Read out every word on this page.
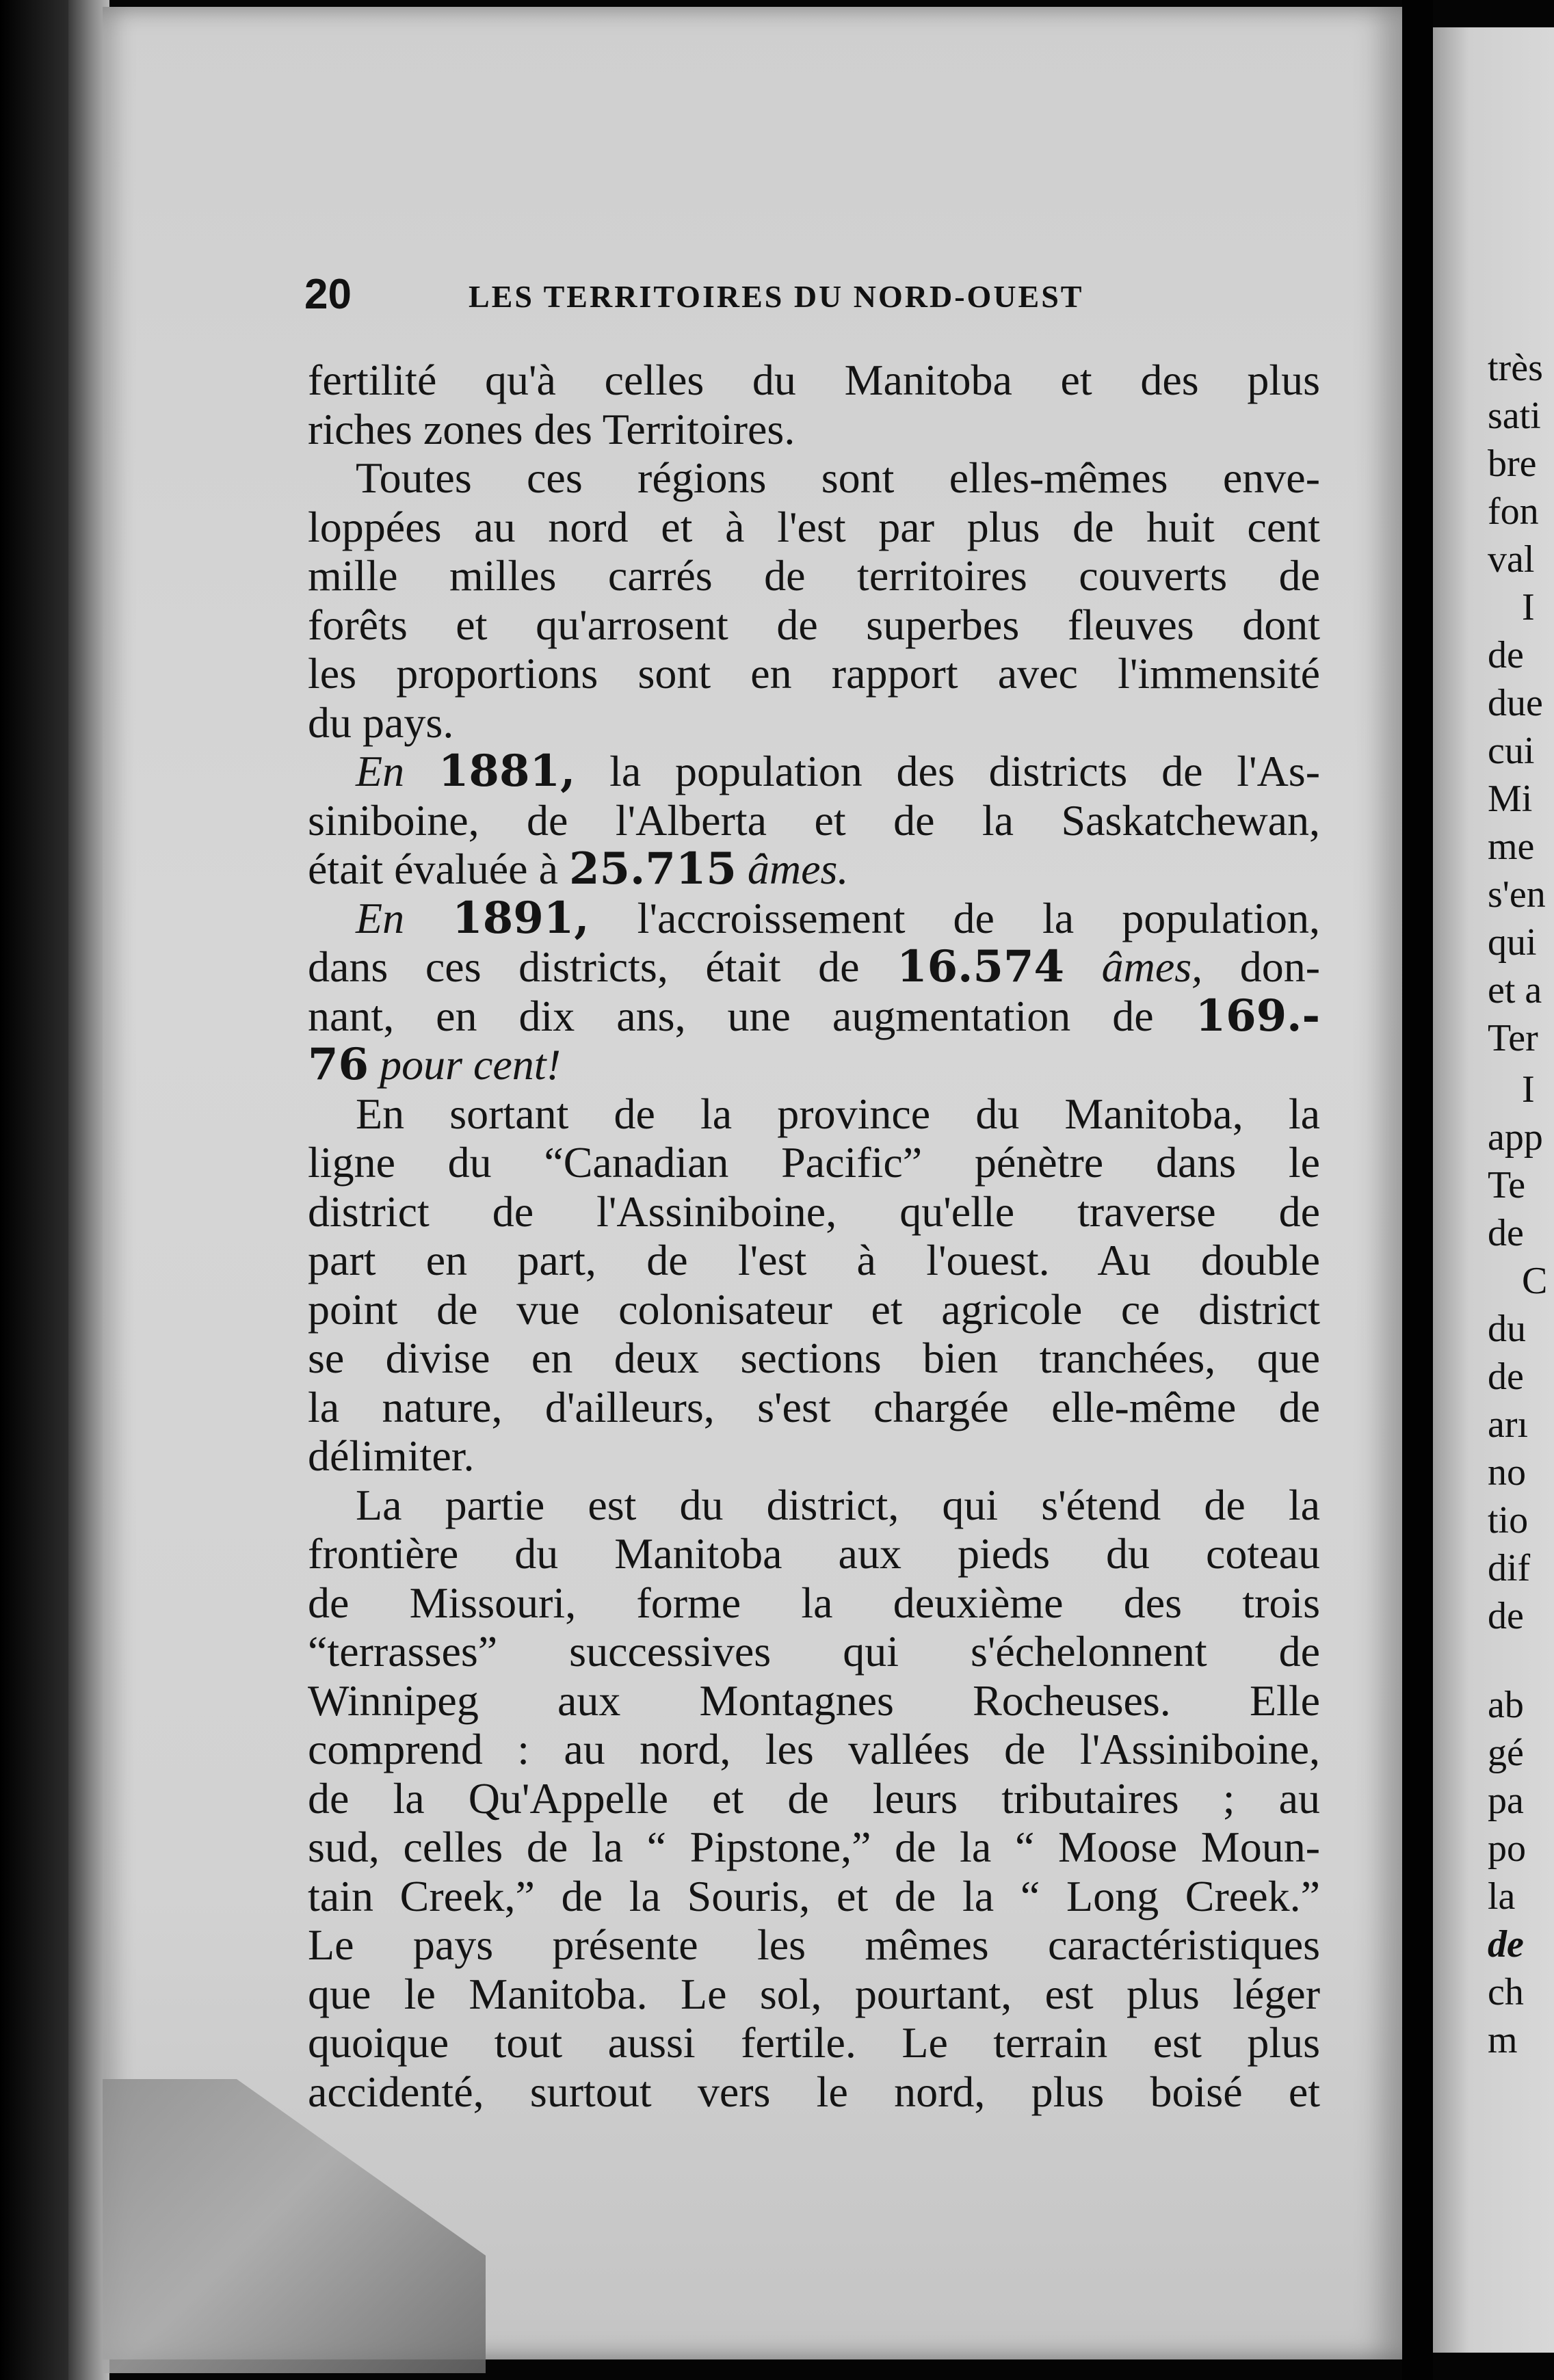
très
sati
bre
fon
val
I
de
due
cui
Mi
me
s'en
qui
et a
Ter
I
app
Te
de
C
du
de
arı
no
tio
dif
de
ab
gé
pa
po
la
de
ch
m
20	LES TERRITOIRES DU NORD-OUEST
fertilité qu'à celles du Manitoba et des plus
riches zones des Territoires.
Toutes ces régions sont elles-mêmes enve-
loppées au nord et à l'est par plus de huit cent
mille milles carrés de territoires couverts de
forêts et qu'arrosent de superbes fleuves dont
les proportions sont en rapport avec l'immensité
du pays.
En 1881, la population des districts de l'As-
siniboine, de l'Alberta et de la Saskatchewan,
était évaluée à 25.715 âmes.
En 1891, l'accroissement de la population,
dans ces districts, était de 16.574 âmes, don-
nant, en dix ans, une augmentation de 169.-
76 pour cent!
En sortant de la province du Manitoba, la
ligne du “Canadian Pacific” pénètre dans le
district de l'Assiniboine, qu'elle traverse de
part en part, de l'est à l'ouest. Au double
point de vue colonisateur et agricole ce district
se divise en deux sections bien tranchées, que
la nature, d'ailleurs, s'est chargée elle-même de
délimiter.
La partie est du district, qui s'étend de la
frontière du Manitoba aux pieds du coteau
de Missouri, forme la deuxième des trois
“terrasses” successives qui s'échelonnent de
Winnipeg aux Montagnes Rocheuses. Elle
comprend : au nord, les vallées de l'Assiniboine,
de la Qu'Appelle et de leurs tributaires ; au
sud, celles de la “ Pipstone,” de la “ Moose Moun-
tain Creek,” de la Souris, et de la “ Long Creek.”
Le pays présente les mêmes caractéristiques
que le Manitoba. Le sol, pourtant, est plus léger
quoique tout aussi fertile. Le terrain est plus
accidenté, surtout vers le nord, plus boisé et
